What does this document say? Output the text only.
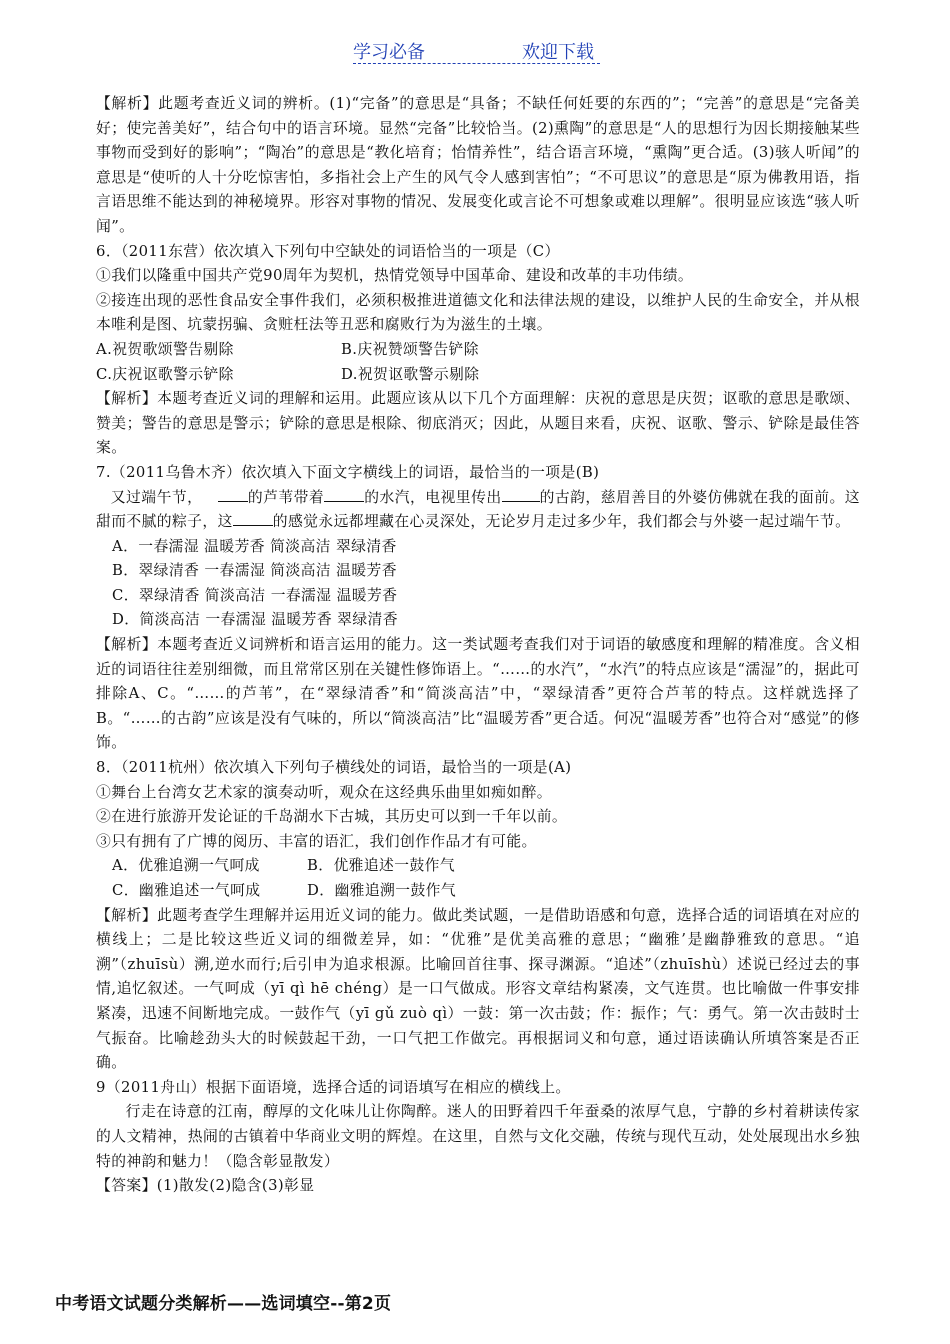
学习必备	欢迎下载

【解析】此题考查近义词的辨析。(1)“完备”的意思是“具备；不缺任何妊要的东西的”；“完善”的意思是“完备美好；使完善美好”，结合句中的语言环境。显然“完备”比较恰当。(2)熏陶”的意思是“人的思想行为因长期接触某些事物而受到好的影响”；“陶冶”的意思是“教化培育；怡情养性”，结合语言环境，“熏陶”更合适。(3)骇人听闻”的意思是“使听的人十分吃惊害怕，多指社会上产生的风气令人感到害怕”；“不可思议”的意思是“原为佛教用语，指言语思维不能达到的神秘境界。形容对事物的情况、发展变化或言论不可想象或难以理解”。很明显应该选“骇人听闻”。

6．（2011东营）依次填入下列句中空缺处的词语恰当的一项是（C）

①我们以隆重中国共产党90周年为契机，热情党领导中国革命、建设和改革的丰功伟绩。

②接连出现的恶性食品安全事件我们，必须积极推进道德文化和法律法规的建设，以维护人民的生命安全，并从根本唯利是图、坑蒙拐骗、贪赃枉法等丑恶和腐败行为为滋生的土壤。

A.祝贺歌颂警告剔除	B.庆祝赞颂警告铲除
C.庆祝讴歌警示铲除	D.祝贺讴歌警示剔除

【解析】本题考查近义词的理解和运用。此题应该从以下几个方面理解：庆祝的意思是庆贺；讴歌的意思是歌颂、赞美；警告的意思是警示；铲除的意思是根除、彻底消灭；因此，从题目来看，庆祝、讴歌、警示、铲除是最佳答案。

7.（2011乌鲁木齐）依次填入下面文字横线上的词语，最恰当的一项是(B)

又过端午节，	的芦苇带着	的水汽，电视里传出	的古韵，慈眉善目的外婆仿佛就在我的面前。这甜而不腻的粽子，这	的感觉永远都埋藏在心灵深处，无论岁月走过多少年，我们都会与外婆一起过端午节。

A．一春濡湿 温暖芳香 简淡高洁 翠绿清香

B．翠绿清香 一春濡湿 简淡高洁 温暖芳香

C．翠绿清香 简淡高洁 一春濡湿 温暖芳香

D．简淡高洁 一春濡湿 温暖芳香 翠绿清香

【解析】本题考查近义词辨析和语言运用的能力。这一类试题考查我们对于词语的敏感度和理解的精准度。含义相近的词语往往差别细微，而且常常区别在关键性修饰语上。“……的水汽”，“水汽”的特点应该是“濡湿”的，据此可排除A、C。“……的芦苇”，在“翠绿清香”和“简淡高洁”中，“翠绿清香”更符合芦苇的特点。这样就选择了B。“……的古韵”应该是没有气味的，所以“简淡高洁”比“温暖芳香”更合适。何况“温暖芳香”也符合对“感觉”的修饰。

8．（2011杭州）依次填入下列句子横线处的词语，最恰当的一项是(A)

①舞台上台湾女艺术家的演奏动听，观众在这经典乐曲里如痴如醉。

②在进行旅游开发论证的千岛湖水下古城，其历史可以到一千年以前。

③只有拥有了广博的阅历、丰富的语汇，我们创作作品才有可能。

A．优雅追溯一气呵成	B．优雅追述一鼓作气
C．幽雅追述一气呵成	D．幽雅追溯一鼓作气

【解析】此题考查学生理解并运用近义词的能力。做此类试题，一是借助语感和句意，选择合适的词语填在对应的横线上；二是比较这些近义词的细微差异，如：“优雅”是优美高雅的意思；“幽雅’是幽静雅致的意思。“追溯”（zhuīsù）溯,逆水而行;后引申为追求根源。比喻回首往事、探寻渊源。“追述”（zhuīshù）述说已经过去的事情,追忆叙述。一气呵成（yī qì hē chéng）是一口气做成。形容文章结构紧凑，文气连贯。也比喻做一件事安排紧凑，迅速不间断地完成。一鼓作气（yī gǔ zuò qì）一鼓：第一次击鼓；作：振作；气：勇气。第一次击鼓时士气振奋。比喻趁劲头大的时候鼓起干劲，一口气把工作做完。再根据词义和句意，通过语读确认所填答案是否正确。

9（2011舟山）根据下面语境，选择合适的词语填写在相应的横线上。

行走在诗意的江南，醇厚的文化味儿让你陶醉。迷人的田野着四千年蚕桑的浓厚气息，宁静的乡村着耕读传家的人文精神，热闹的古镇着中华商业文明的辉煌。在这里，自然与文化交融，传统与现代互动，处处展现出水乡独特的神韵和魅力！（隐含彰显散发）

【答案】(1)散发(2)隐含(3)彰显

中考语文试题分类解析——选词填空--第2页
